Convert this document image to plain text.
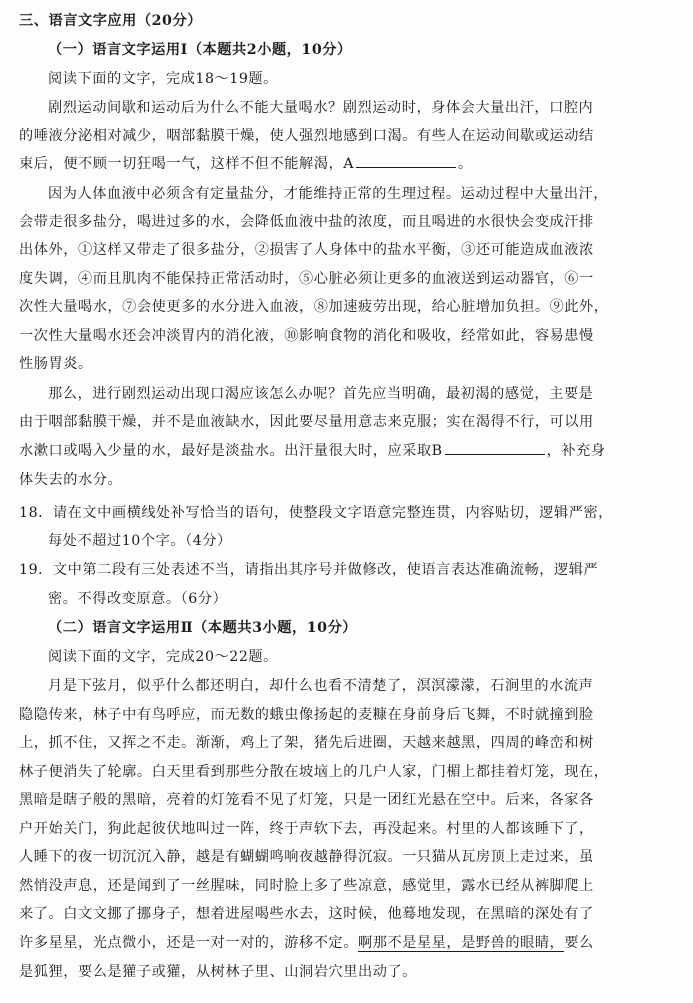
三、语言文字应用（20分）
（一）语言文字运用Ⅰ（本题共2小题，10分）
阅读下面的文字，完成18～19题。
剧烈运动间歇和运动后为什么不能大量喝水？剧烈运动时，身体会大量出汗，口腔内
的唾液分泌相对减少，咽部黏膜干燥，使人强烈地感到口渴。有些人在运动间歇或运动结
束后，便不顾一切狂喝一气，这样不但不能解渴，A	。
因为人体血液中必须含有定量盐分，才能维持正常的生理过程。运动过程中大量出汗，
会带走很多盐分，喝进过多的水，会降低血液中盐的浓度，而且喝进的水很快会变成汗排
出体外，①这样又带走了很多盐分，②损害了人身体中的盐水平衡，③还可能造成血液浓
度失调，④而且肌肉不能保持正常活动时，⑤心脏必须让更多的血液送到运动器官，⑥一
次性大量喝水，⑦会使更多的水分进入血液，⑧加速疲劳出现，给心脏增加负担。⑨此外，
一次性大量喝水还会冲淡胃内的消化液，⑩影响食物的消化和吸收，经常如此，容易患慢
性肠胃炎。
那么，进行剧烈运动出现口渴应该怎么办呢？首先应当明确，最初渴的感觉，主要是
由于咽部黏膜干燥，并不是血液缺水，因此要尽量用意志来克服；实在渴得不行，可以用
水漱口或喝入少量的水，最好是淡盐水。出汗量很大时，应采取B	，补充身
体失去的水分。
18．请在文中画横线处补写恰当的语句，使整段文字语意完整连贯，内容贴切，逻辑严密，
每处不超过10个字。（4分）
19．文中第二段有三处表述不当，请指出其序号并做修改，使语言表达准确流畅，逻辑严
密。不得改变原意。（6分）
（二）语言文字运用Ⅱ（本题共3小题，10分）
阅读下面的文字，完成20～22题。
月是下弦月，似乎什么都还明白，却什么也看不清楚了，溟溟濛濛，石涧里的水流声
隐隐传来，林子中有鸟呼应，而无数的蛾虫像扬起的麦糠在身前身后飞舞，不时就撞到脸
上，抓不住，又挥之不走。渐渐，鸡上了架，猪先后进圈，天越来越黑，四周的峰峦和树
林子便消失了轮廓。白天里看到那些分散在坡垴上的几户人家，门楣上都挂着灯笼，现在，
黑暗是瞎子般的黑暗，亮着的灯笼看不见了灯笼，只是一团红光悬在空中。后来，各家各
户开始关门，狗此起彼伏地叫过一阵，终于声软下去，再没起来。村里的人都该睡下了，
人睡下的夜一切沉沉入静，越是有蝴蝴鸣响夜越静得沉寂。一只猫从瓦房顶上走过来，虽
然悄没声息，还是闻到了一丝腥味，同时脸上多了些凉意，感觉里，露水已经从裤脚爬上
来了。白文文挪了挪身子，想着进屋喝些水去，这时候，他蓦地发现，在黑暗的深处有了
许多星星，光点微小，还是一对一对的，游移不定。啊那不是星星，是野兽的眼睛，要么
是狐狸，要么是獾子或獾，从树林子里、山洞岩穴里出动了。
